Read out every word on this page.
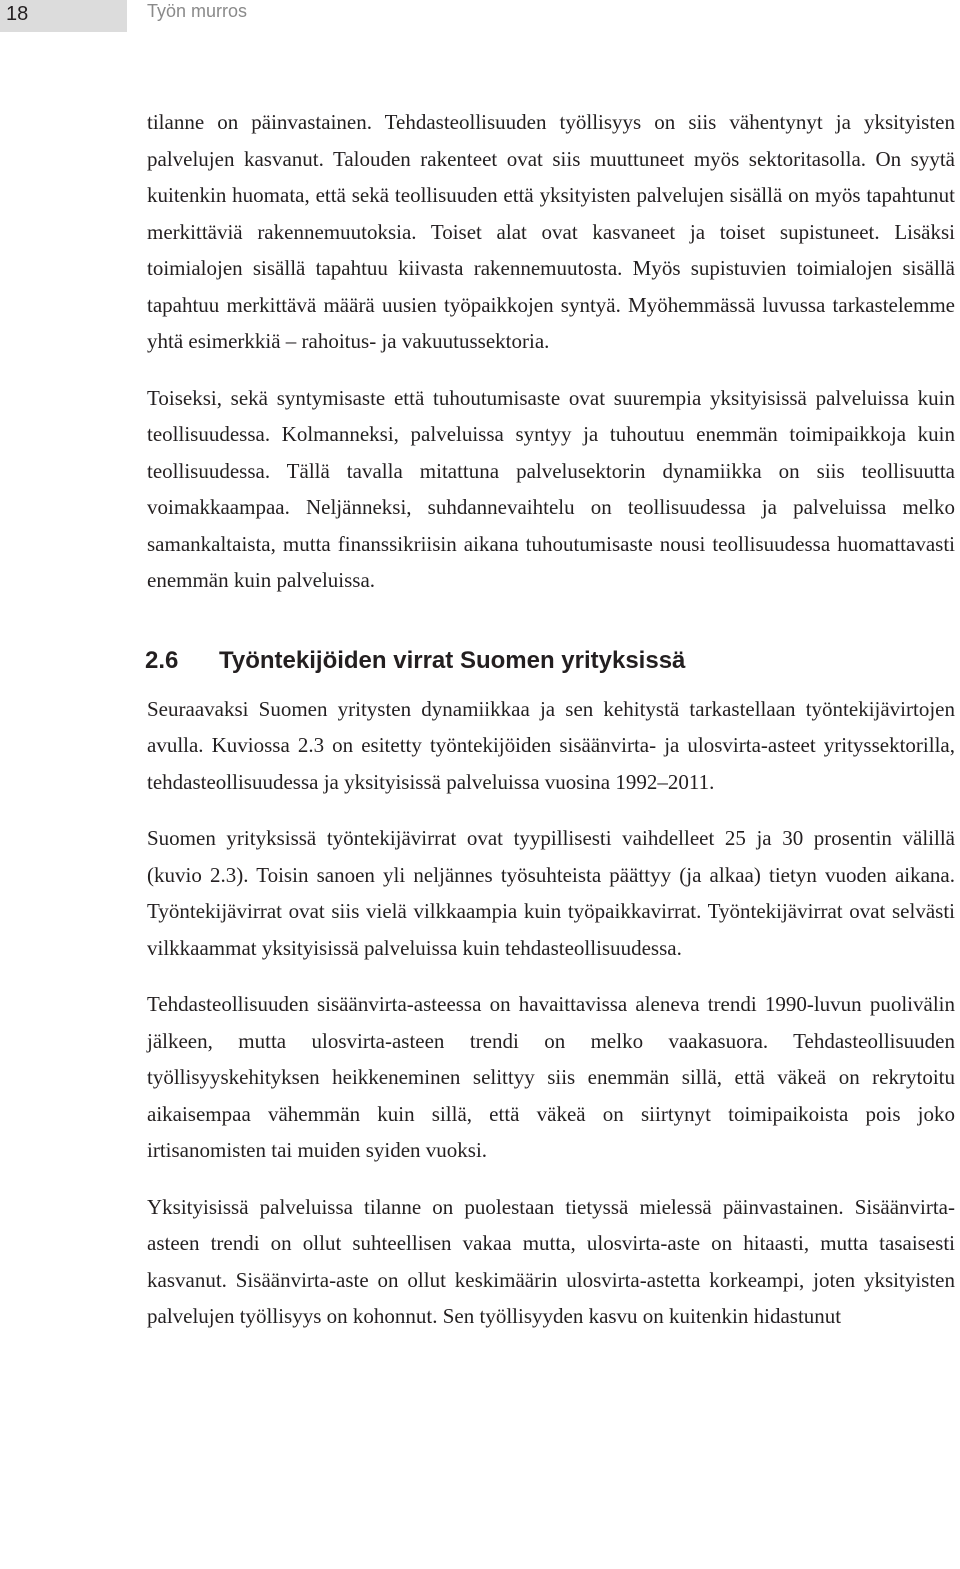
18	Työn murros

tilanne on päinvastainen. Tehdasteollisuuden työllisyys on siis vähentynyt ja yksityisten palvelujen kasvanut. Talouden rakenteet ovat siis muuttuneet myös sektoritasolla. On syytä kuitenkin huomata, että sekä teollisuuden että yksityisten palvelujen sisällä on myös tapahtunut merkittäviä rakennemuutoksia. Toiset alat ovat kasvaneet ja toiset supistuneet. Lisäksi toimialojen sisällä tapahtuu kiivasta rakennemuutosta. Myös supistuvien toimialojen sisällä tapahtuu merkittävä määrä uusien työpaikkojen syntyä. Myöhemmässä luvussa tarkastelemme yhtä esimerkkiä – rahoitus- ja vakuutussektoria.

Toiseksi, sekä syntymisaste että tuhoutumisaste ovat suurempia yksityisissä palveluissa kuin teollisuudessa. Kolmanneksi, palveluissa syntyy ja tuhoutuu enemmän toimipaikkoja kuin teollisuudessa. Tällä tavalla mitattuna palvelusektorin dynamiikka on siis teollisuutta voimakkaampaa. Neljänneksi, suhdannevaihtelu on teollisuudessa ja palveluissa melko samankaltaista, mutta finanssikriisin aikana tuhoutumisaste nousi teollisuudessa huomattavasti enemmän kuin palveluissa.

2.6 Työntekijöiden virrat Suomen yrityksissä

Seuraavaksi Suomen yritysten dynamiikkaa ja sen kehitystä tarkastellaan työntekijävirtojen avulla. Kuviossa 2.3 on esitetty työntekijöiden sisäänvirta- ja ulosvirta-asteet yrityssektorilla, tehdasteollisuudessa ja yksityisissä palveluissa vuosina 1992–2011.

Suomen yrityksissä työntekijävirrat ovat tyypillisesti vaihdelleet 25 ja 30 prosentin välillä (kuvio 2.3). Toisin sanoen yli neljännes työsuhteista päättyy (ja alkaa) tietyn vuoden aikana. Työntekijävirrat ovat siis vielä vilkkaampia kuin työpaikkavirrat. Työntekijävirrat ovat selvästi vilkkaammat yksityisissä palveluissa kuin tehdasteollisuudessa.

Tehdasteollisuuden sisäänvirta-asteessa on havaittavissa aleneva trendi 1990-luvun puolivälin jälkeen, mutta ulosvirta-asteen trendi on melko vaakasuora. Tehdasteollisuuden työllisyyskehityksen heikkeneminen selittyy siis enemmän sillä, että väkeä on rekrytoitu aikaisempaa vähemmän kuin sillä, että väkeä on siirtynyt toimipaikoista pois joko irtisanomisten tai muiden syiden vuoksi.

Yksityisissä palveluissa tilanne on puolestaan tietyssä mielessä päinvastainen. Sisäänvirta-asteen trendi on ollut suhteellisen vakaa mutta, ulosvirta-aste on hitaasti, mutta tasaisesti kasvanut. Sisäänvirta-aste on ollut keskimäärin ulosvirta-astetta korkeampi, joten yksityisten palvelujen työllisyys on kohonnut. Sen työllisyyden kasvu on kuitenkin hidastunut
